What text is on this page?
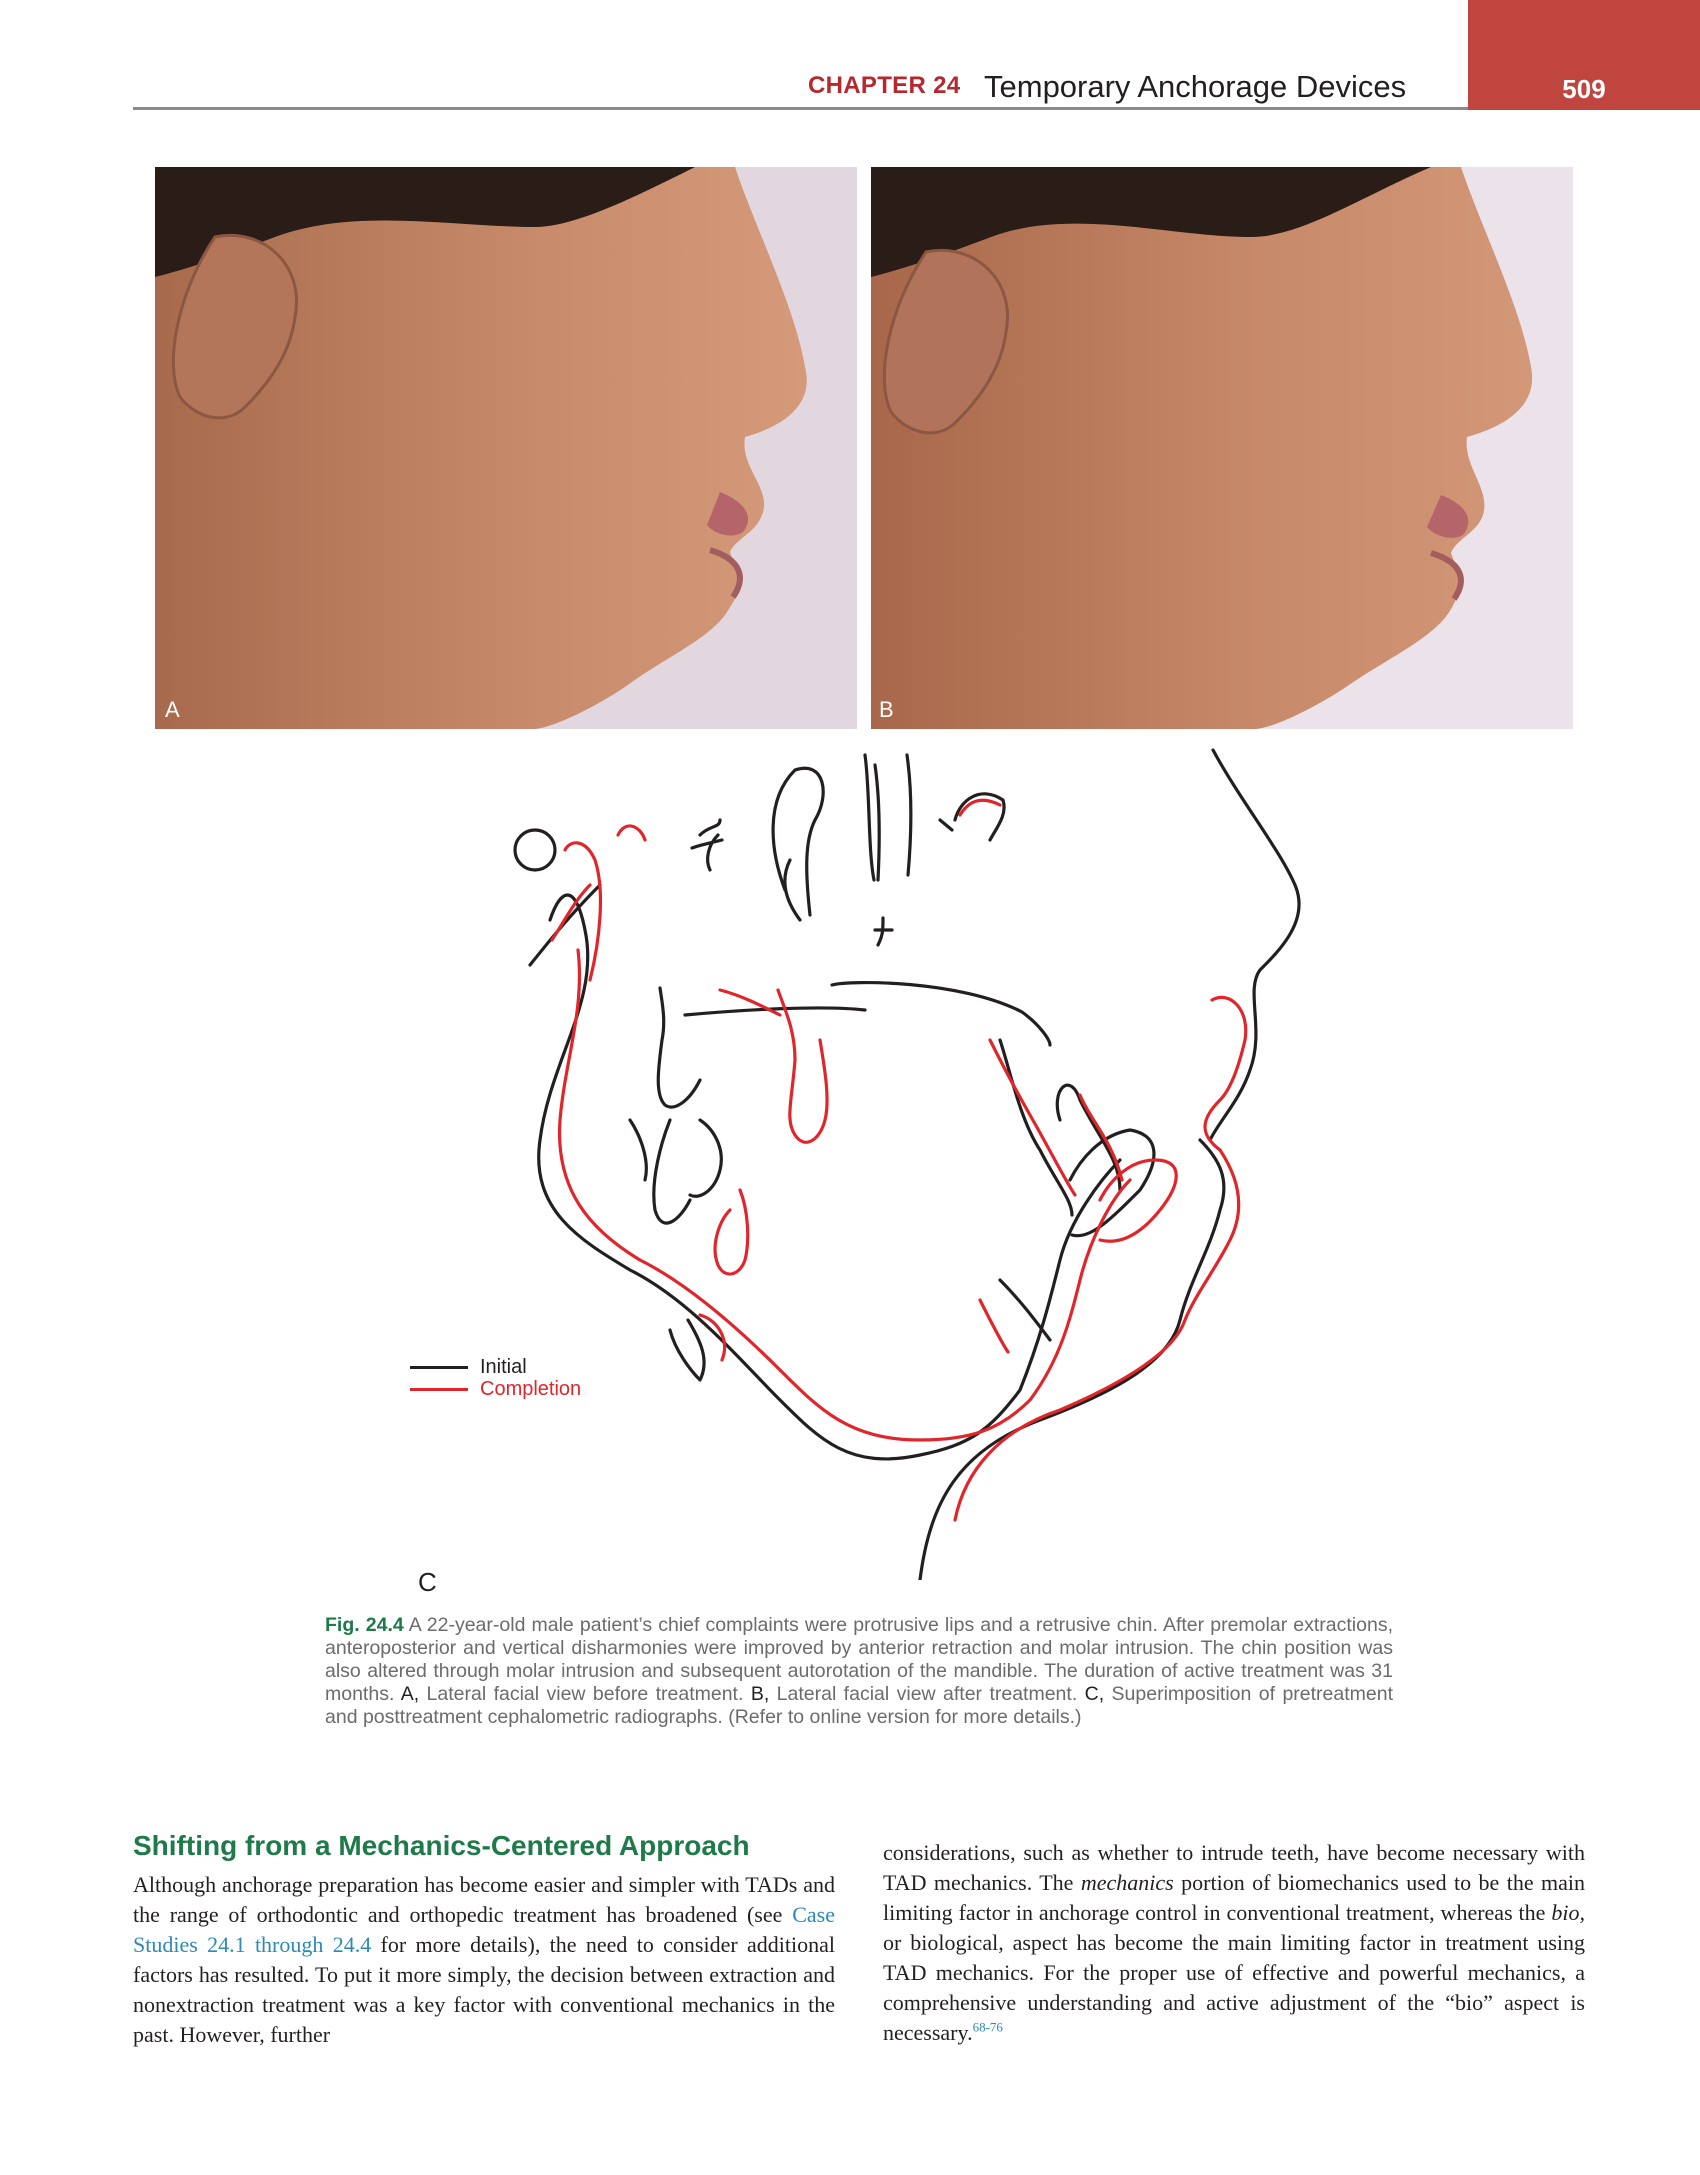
CHAPTER 24 Temporary Anchorage Devices	509
A	B
Initial
Completion
C
Fig. 24.4 A 22-year-old male patient’s chief complaints were protrusive lips and a retrusive chin. After premolar extractions, anteroposterior and vertical disharmonies were improved by anterior retraction and molar intrusion. The chin position was also altered through molar intrusion and subsequent autorotation of the mandible. The duration of active treatment was 31 months. A, Lateral facial view before treatment. B, Lateral facial view after treatment. C, Superimposition of pretreatment and posttreatment cephalometric radiographs. (Refer to online version for more details.)
Shifting from a Mechanics-Centered Approach
Although anchorage preparation has become easier and simpler with TADs and the range of orthodontic and orthopedic treatment has broadened (see Case Studies 24.1 through 24.4 for more details), the need to consider additional factors has resulted. To put it more simply, the decision between extraction and nonextraction treatment was a key factor with conventional mechanics in the past. However, further
considerations, such as whether to intrude teeth, have become necessary with TAD mechanics. The mechanics portion of biomechanics used to be the main limiting factor in anchorage control in conventional treatment, whereas the bio, or biological, aspect has become the main limiting factor in treatment using TAD mechanics. For the proper use of effective and powerful mechanics, a comprehensive understanding and active adjustment of the “bio” aspect is necessary.$^{68-76}$
